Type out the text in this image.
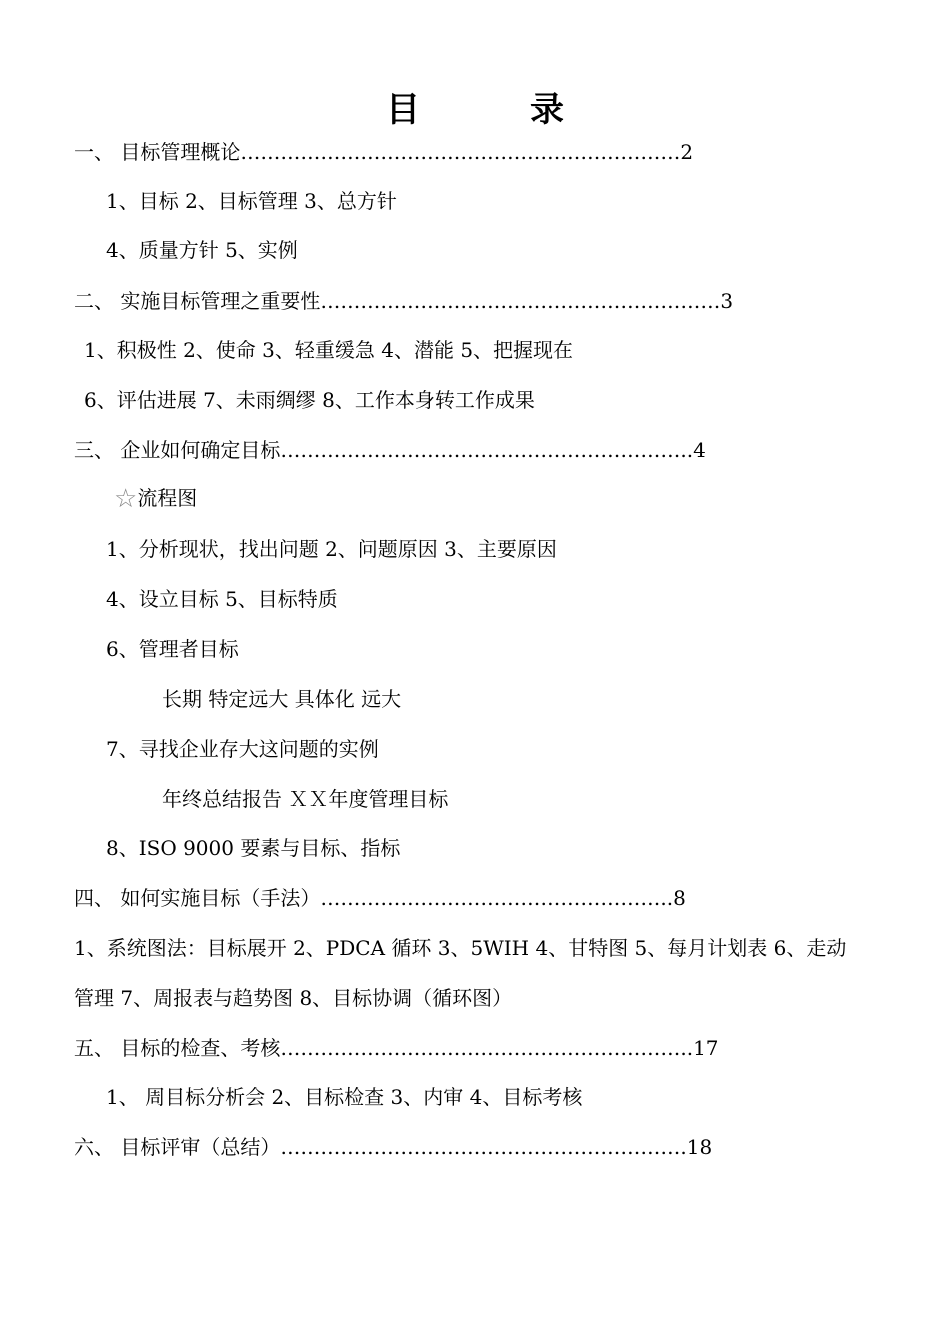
目	录
一、 目标管理概论…………………………………………………………2
1、目标 2、目标管理 3、总方针
4、质量方针 5、实例
二、 实施目标管理之重要性……………………………………………………3
1、积极性 2、使命 3、轻重缓急 4、潜能 5、把握现在
6、评估进展 7、未雨绸缪 8、工作本身转工作成果
三、 企业如何确定目标……………………………………………………..4
☆流程图
1、分析现状，找出问题 2、问题原因 3、主要原因
4、设立目标 5、目标特质
6、管理者目标
长期 特定远大 具体化 远大
7、寻找企业存大这问题的实例
年终总结报告 ＸＸ年度管理目标
8、ISO 9000 要素与目标、指标
四、 如何实施目标（手法）……………………………………………..8
1、系统图法：目标展开 2、PDCA 循环 3、5WIH 4、甘特图 5、每月计划表 6、走动
管理 7、周报表与趋势图 8、目标协调（循环图）
五、 目标的检查、考核……………………………………………………..17
1、 周目标分析会 2、目标检查 3、内审 4、目标考核
六、 目标评审（总结）…………………………………………………….18
